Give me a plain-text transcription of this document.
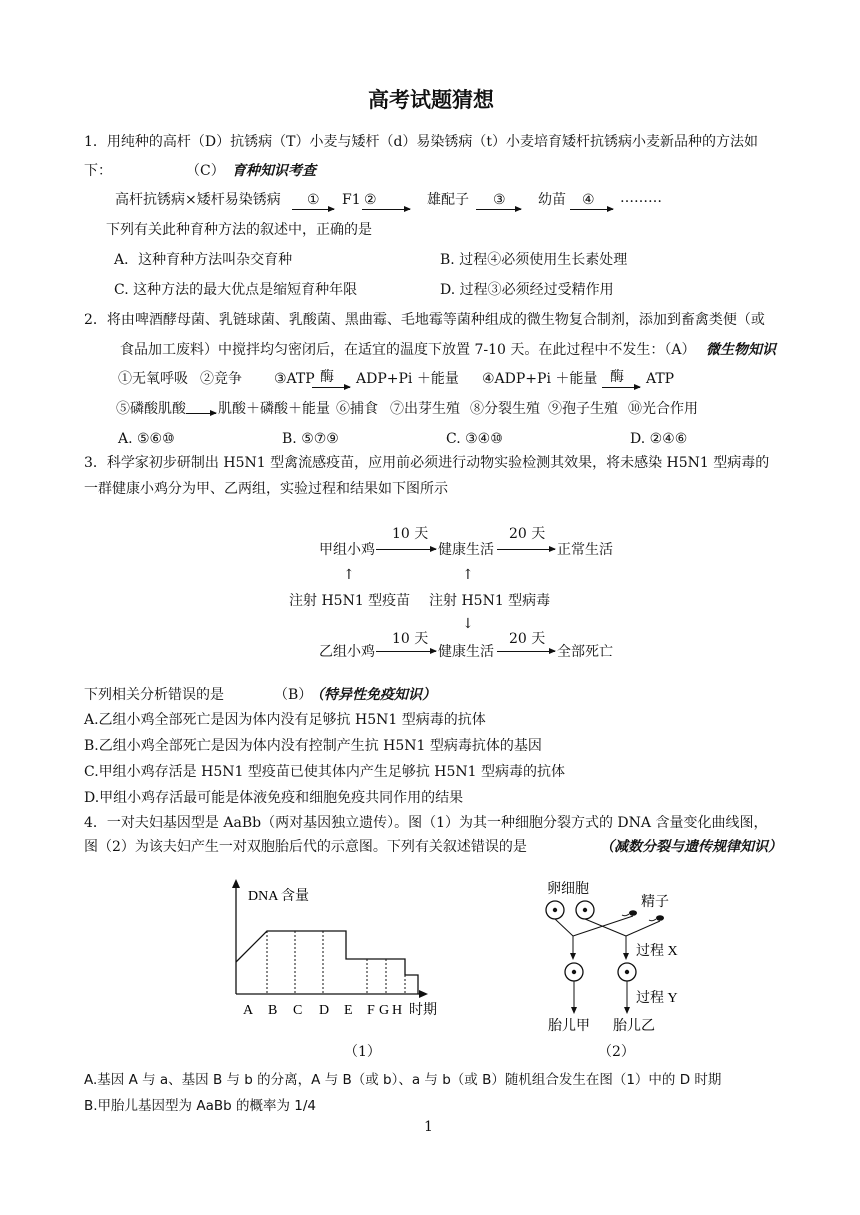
高考试题猜想
1．用纯种的高杆（D）抗锈病（T）小麦与矮杆（d）易染锈病（t）小麦培育矮杆抗锈病小麦新品种的方法如
下：	（C） 育种知识考查
高杆抗锈病×矮杆易染锈病 ① F1 ②	雄配子 ③ 幼苗 ④ ………
下列有关此种育种方法的叙述中，正确的是
A．这种育种方法叫杂交育种	B. 过程④必须使用生长素处理
C. 这种方法的最大优点是缩短育种年限	D. 过程③必须经过受精作用
2．将由啤酒酵母菌、乳链球菌、乳酸菌、黑曲霉、毛地霉等菌种组成的微生物复合制剂，添加到畜禽类便（或
食品加工废料）中搅拌均匀密闭后，在适宜的温度下放置 7-10 天。在此过程中不发生：（A） 微生物知识
①无氧呼吸 ②竞争 ③ATP 酶 ADP+Pi ＋能量 ④ADP+Pi ＋能量 酶 ATP
⑤磷酸肌酸 肌酸＋磷酸＋能量 ⑥捕食 ⑦出芽生殖 ⑧分裂生殖 ⑨孢子生殖 ⑩光合作用
A. ⑤⑥⑩	B. ⑤⑦⑨	C. ③④⑩	D. ②④⑥
3．科学家初步研制出 H5N1 型禽流感疫苗，应用前必须进行动物实验检测其效果，将未感染 H5N1 型病毒的
一群健康小鸡分为甲、乙两组，实验过程和结果如下图所示
10 天	20 天
甲组小鸡	健康生活	正常生活
↑	↑
注射 H5N1 型疫苗 注射 H5N1 型病毒
↓
10 天	20 天
乙组小鸡	健康生活	全部死亡
下列相关分析错误的是	（B）
（特异性免疫知识）
A.乙组小鸡全部死亡是因为体内没有足够抗 H5N1 型病毒的抗体
B.乙组小鸡全部死亡是因为体内没有控制产生抗 H5N1 型病毒抗体的基因
C.甲组小鸡存活是 H5N1 型疫苗已使其体内产生足够抗 H5N1 型病毒的抗体
D.甲组小鸡存活最可能是体液免疫和细胞免疫共同作用的结果
4．一对夫妇基因型是 AaBb（两对基因独立遗传）。图（1）为其一种细胞分裂方式的 DNA 含量变化曲线图，
图（2）为该夫妇产生一对双胞胎后代的示意图。下列有关叙述错误的是	（减数分裂与遗传规律知识）
DNA 含量
A B C D E F G H 时期
（1）
卵细胞
精子
过程 X
过程 Y
胎儿甲 胎儿乙
（2）
A.基因 A 与 a、基因 B 与 b 的分离，A 与 B（或 b）、a 与 b（或 B）随机组合发生在图（1）中的 D 时期
B.甲胎儿基因型为 AaBb 的概率为 1/4
1
